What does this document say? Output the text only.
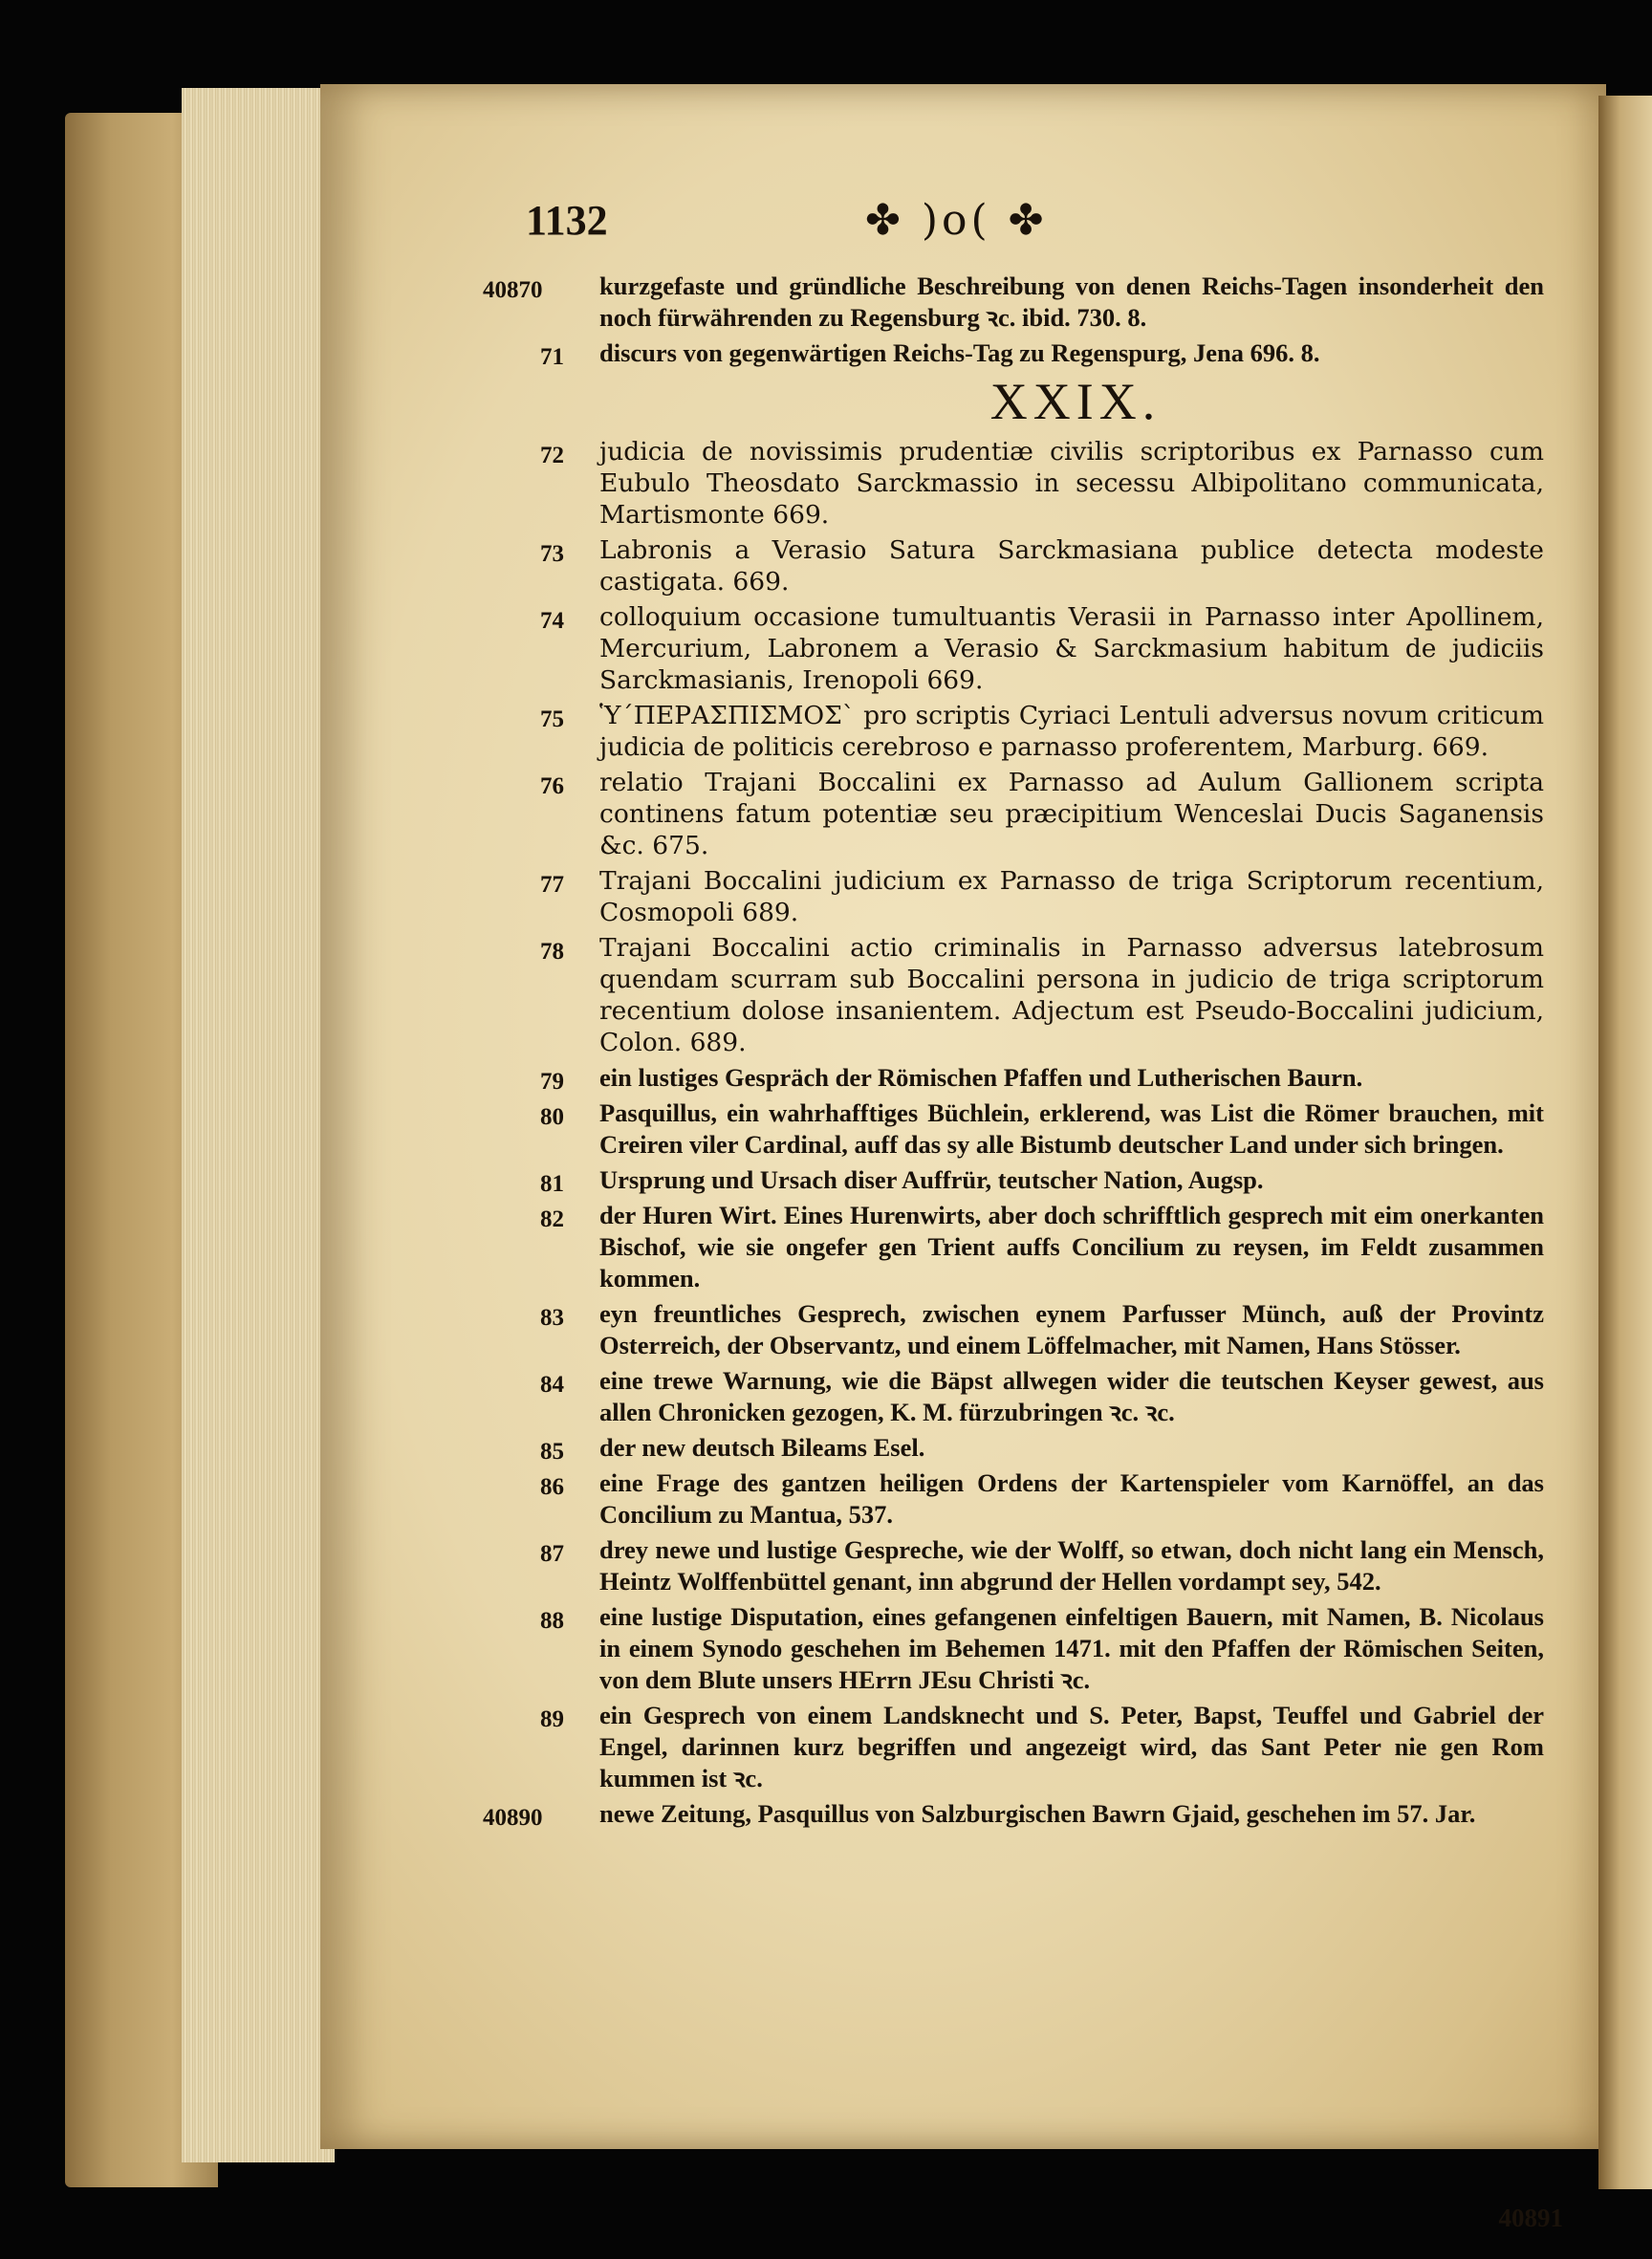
1132	✤ )o( ✤
40870 kurzgefaste und gründliche Beschreibung von denen Reichs-Tagen insonderheit den noch fürwährenden zu Regensburg ꝛc. ibid. 730. 8.
71	discurs von gegenwärtigen Reichs-Tag zu Regenspurg, Jena 696. 8.
XXIX.
72	judicia de novissimis prudentiæ civilis scriptoribus ex Parnasso cum Eubulo Theosdato Sarckmassio in secessu Albipolitano communicata, Martismonte 669.
73	Labronis a Verasio Satura Sarckmasiana publice detecta modeste castigata. 669.
74	colloquium occasione tumultuantis Verasii in Parnasso inter Apollinem, Mercurium, Labronem a Verasio & Sarckmasium habitum de judiciis Sarckmasianis, Irenopoli 669.
75	Ὑ´ΠΕΡΑΣΠΙΣΜΟΣ` pro scriptis Cyriaci Lentuli adversus novum criticum judicia de politicis cerebroso e parnasso proferentem, Marburg. 669.
76	relatio Trajani Boccalini ex Parnasso ad Aulum Gallionem scripta continens fatum potentiæ seu præcipitium Wenceslai Ducis Saganensis &c. 675.
77	Trajani Boccalini judicium ex Parnasso de triga Scriptorum recentium, Cosmopoli 689.
78	Trajani Boccalini actio criminalis in Parnasso adversus latebrosum quendam scurram sub Boccalini persona in judicio de triga scriptorum recentium dolose insanientem. Adjectum est Pseudo-Boccalini judicium, Colon. 689.
79	ein lustiges Gespräch der Römischen Pfaffen und Lutherischen Baurn.
80	Pasquillus, ein wahrhafftiges Büchlein, erklerend, was List die Römer brauchen, mit Creiren viler Cardinal, auff das sy alle Bistumb deutscher Land under sich bringen.
81	Ursprung und Ursach diser Auffrür, teutscher Nation, Augsp.
82	der Huren Wirt. Eines Hurenwirts, aber doch schrifftlich gesprech mit eim onerkanten Bischof, wie sie ongefer gen Trient auffs Concilium zu reysen, im Feldt zusammen kommen.
83	eyn freuntliches Gesprech, zwischen eynem Parfusser Münch, auß der Provintz Osterreich, der Observantz, und einem Löffelmacher, mit Namen, Hans Stösser.
84	eine trewe Warnung, wie die Bäpst allwegen wider die teutschen Keyser gewest, aus allen Chronicken gezogen, K. M. fürzubringen ꝛc. ꝛc.
85	der new deutsch Bileams Esel.
86	eine Frage des gantzen heiligen Ordens der Kartenspieler vom Karnöffel, an das Concilium zu Mantua, 537.
87	drey newe und lustige Gespreche, wie der Wolff, so etwan, doch nicht lang ein Mensch, Heintz Wolffenbüttel genant, inn abgrund der Hellen vordampt sey, 542.
88	eine lustige Disputation, eines gefangenen einfeltigen Bauern, mit Namen, B. Nicolaus in einem Synodo geschehen im Behemen 1471. mit den Pfaffen der Römischen Seiten, von dem Blute unsers HErrn JEsu Christi ꝛc.
89	ein Gesprech von einem Landsknecht und S. Peter, Bapst, Teuffel und Gabriel der Engel, darinnen kurz begriffen und angezeigt wird, das Sant Peter nie gen Rom kummen ist ꝛc.
40890 newe Zeitung, Pasquillus von Salzburgischen Bawrn Gjaid, geschehen im 57. Jar.
40891
